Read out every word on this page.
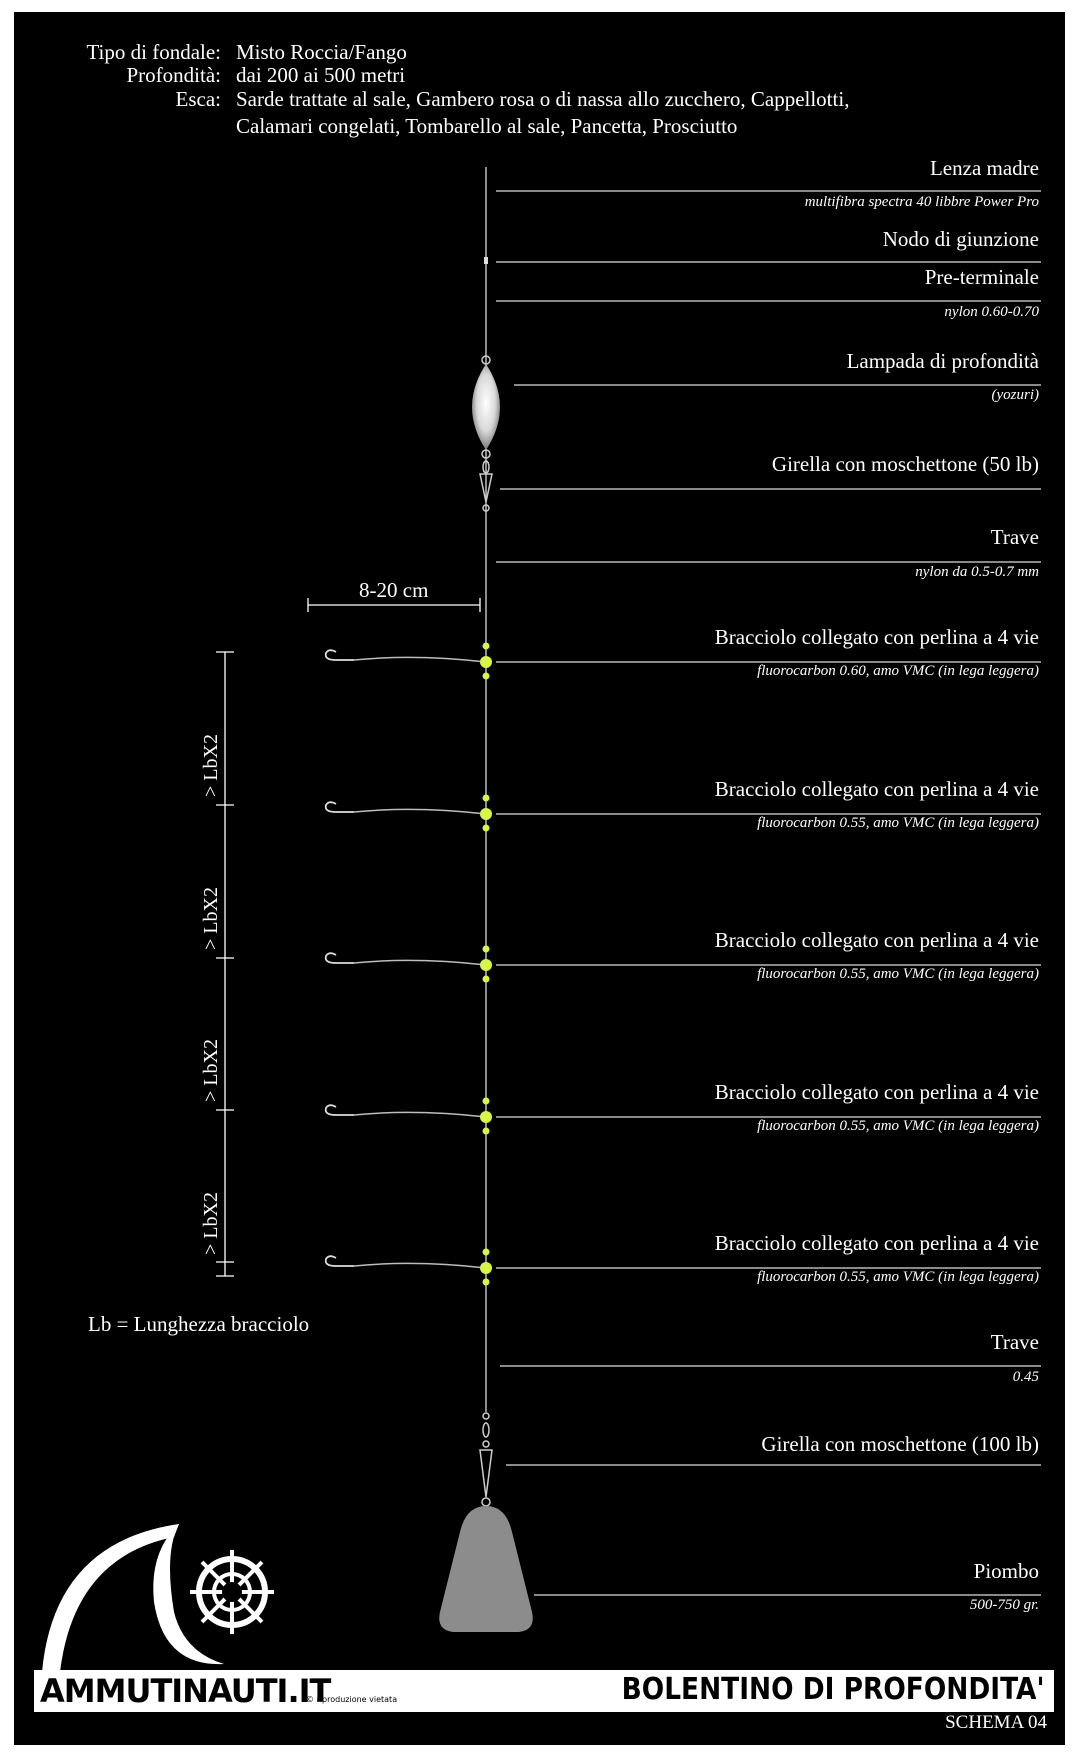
Tipo di fondale: Misto Roccia/Fango
Profondità: dai 200 ai 500 metri
Esca: Sarde trattate al sale, Gambero rosa o di nassa allo zucchero, Cappellotti,
Calamari congelati, Tombarello al sale, Pancetta, Prosciutto
Lenza madre
multifibra spectra 40 libbre Power Pro
Nodo di giunzione
Pre-terminale
nylon 0.60-0.70
Lampada di profondità
(yozuri)
Girella con moschettone (50 lb)
Trave
nylon da 0.5-0.7 mm
Bracciolo collegato con perlina a 4 vie
fluorocarbon 0.60, amo VMC (in lega leggera)
Bracciolo collegato con perlina a 4 vie
fluorocarbon 0.55, amo VMC (in lega leggera)
Bracciolo collegato con perlina a 4 vie
fluorocarbon 0.55, amo VMC (in lega leggera)
Bracciolo collegato con perlina a 4 vie
fluorocarbon 0.55, amo VMC (in lega leggera)
Bracciolo collegato con perlina a 4 vie
fluorocarbon 0.55, amo VMC (in lega leggera)
Trave
0.45
Girella con moschettone (100 lb)
Piombo
500-750 gr.
8-20 cm
> LbX2
> LbX2
> LbX2
> LbX2
Lb = Lunghezza bracciolo
AMMUTINAUTI.IT
© riproduzione vietata	BOLENTINO DI PROFONDITA'
SCHEMA 04
